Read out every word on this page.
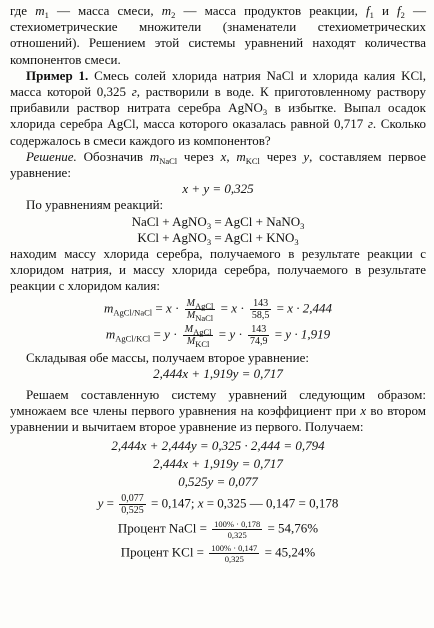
где $m_1$ — масса смеси, $m_2$ — масса продуктов реакции, $f_1$ и $f_2$ — стехиометрические множители (знаменатели стехиометрических отношений). Решением этой системы уравнений находят количества компонентов смеси.

Пример 1. Смесь солей хлорида натрия NaCl и хлорида калия KCl, масса которой 0,325 г, растворили в воде. К приготовленному раствору прибавили раствор нитрата серебра AgNO$_3$ в избытке. Выпал осадок хлорида серебра AgCl, масса которого оказалась равной 0,717 г. Сколько содержалось в смеси каждого из компонентов?

Решение. Обозначив $m_{NaCl}$ через x, $m_{KCl}$ через y, составляем первое уравнение:

x + y = 0,325

По уравнениям реакций:

NaCl + AgNO$_3$ = AgCl + NaNO$_3$

KCl + AgNO$_3$ = AgCl + $KNO_3$

находим массу хлорида серебра, получаемого в результате реакции с хлоридом натрия, и массу хлорида серебра, получаемого в результате реакции с хлоридом калия:

$m_{AgCl/NaCl} = x \cdot M_{AgCl}$
$M_{NaCl}$
= $x \cdot \frac{143}{58,5} = x \cdot 2,444$

$m_{AgCl/KCl} = y \cdot M_{AgCl}$
$M_{KCl}$
= $y \cdot \frac{143}{74,9} = y \cdot 1,919$

Складывая обе массы, получаем второе уравнение:

2,444x + 1,919y = 0,717

Решаем составленную систему уравнений следующим образом: умножаем все члены первого уравнения на коэффициент при x во втором уравнении и вычитаем второе уравнение из первого. Получаем:

2,444x + 2,444y = 0,325 · 2,444 = 0,794

2,444x + 1,919y = 0,717

0,525y = 0,077

$y = \frac{0,077}{0,525} = 0,147$; x = 0,325 — 0,147 = 0,178

Процент NaCl = $\frac{100\% \cdot 0,178}{0,325} = 54,76\%$

Процент KCl = $\frac{100\% \cdot 0,147}{0,325} = 45,24\%$
